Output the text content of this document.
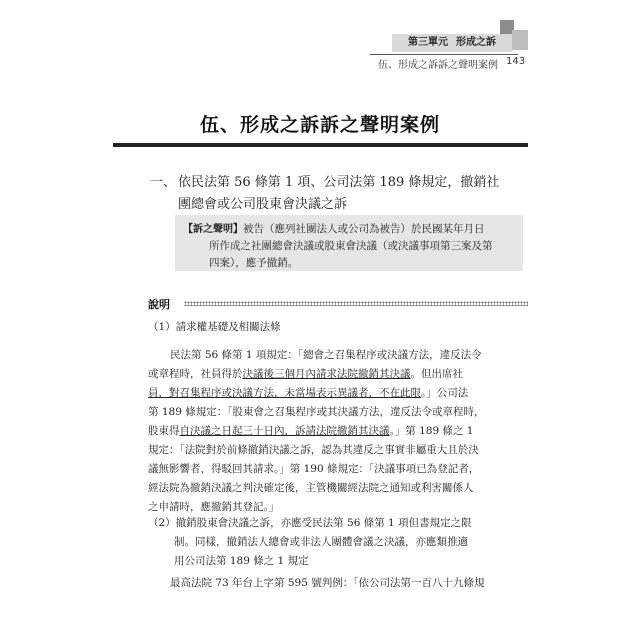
第三單元 形成之訴
伍、形成之訴訴之聲明案例 143
伍、形成之訴訴之聲明案例
一、 依民法第 56 條第 1 項、公司法第 189 條規定，撤銷社
團總會或公司股東會決議之訴
【訴之聲明】被告（應列社團法人或公司為被告）於民國某年月日
所作成之社團總會決議或股東會決議（或決議事項第三案及第
四案），應予撤銷。
說明
（1）請求權基礎及相關法條
民法第 56 條第 1 項規定：「總會之召集程序或決議方法，違反法令
或章程時，社員得於決議後三個月內請求法院撤銷其決議。但出席社
員，對召集程序或決議方法，未當場表示異議者，不在此限。」公司法
第 189 條規定：「股東會之召集程序或其決議方法，違反法令或章程時，
股東得自決議之日起三十日內，訴請法院撤銷其決議。」第 189 條之 1
規定：「法院對於前條撤銷決議之訴，認為其違反之事實非屬重大且於決
議無影響者，得駁回其請求。」第 190 條規定：「決議事項已為登記者，
經法院為撤銷決議之判決確定後，主管機關經法院之通知或利害關係人
之申請時，應撤銷其登記。」
（2）撤銷股東會決議之訴，亦應受民法第 56 條第 1 項但書規定之限
制。同樣，撤銷法人總會或非法人團體會議之決議，亦應類推適
用公司法第 189 條之 1 規定
最高法院 73 年台上字第 595 號判例：「依公司法第一百八十九條規
